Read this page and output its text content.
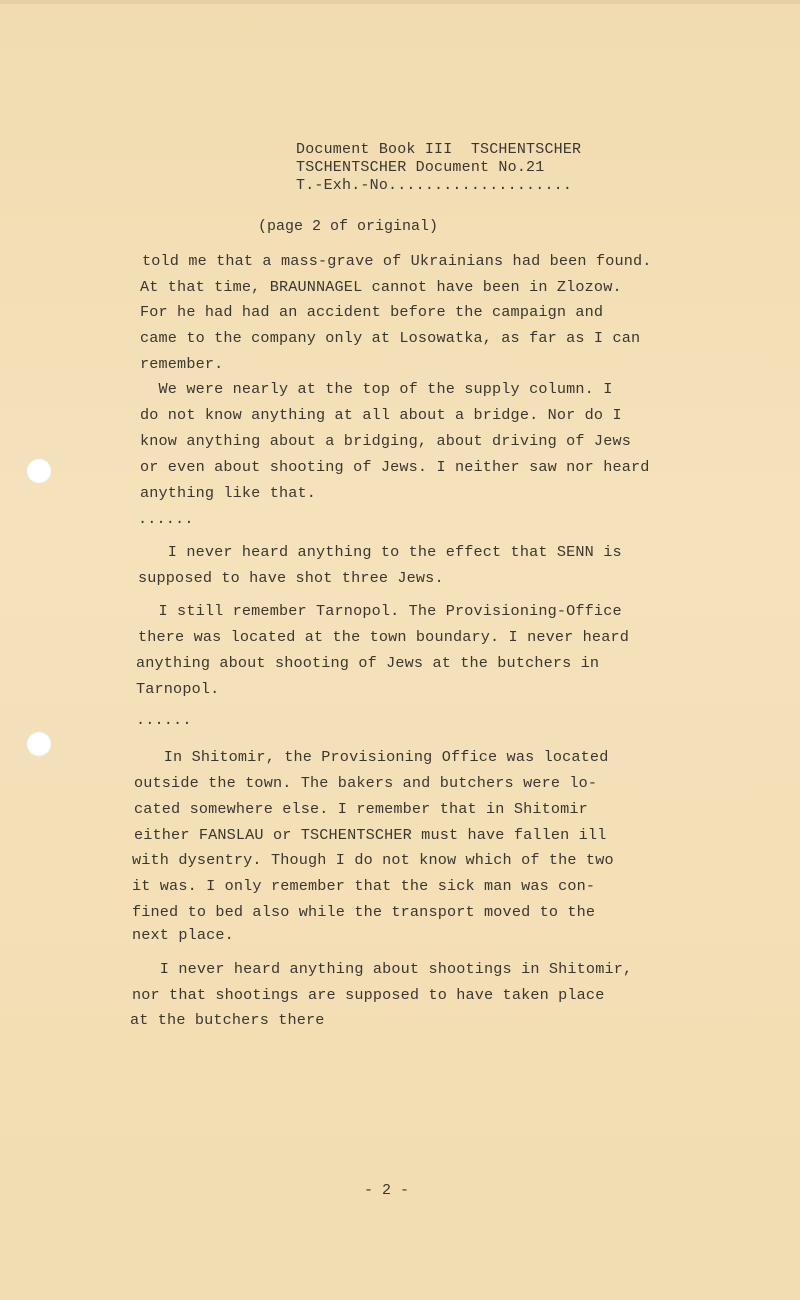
Document Book III  TSCHENTSCHER
TSCHENTSCHER Document No.21
T.-Exh.-No....................
(page 2 of original)
told me that a mass-grave of Ukrainians had been found.
At that time, BRAUNNAGEL cannot have been in Zlozow.
For he had had an accident before the campaign and
came to the company only at Losowatka, as far as I can
remember.
We were nearly at the top of the supply column. I
do not know anything at all about a bridge. Nor do I
know anything about a bridging, about driving of Jews
or even about shooting of Jews. I neither saw nor heard
anything like that.
......
I never heard anything to the effect that SENN is
supposed to have shot three Jews.
I still remember Tarnopol. The Provisioning-Office
there was located at the town boundary. I never heard
anything about shooting of Jews at the butchers in
Tarnopol.
......
In Shitomir, the Provisioning Office was located
outside the town. The bakers and butchers were lo-
cated somewhere else. I remember that in Shitomir
either FANSLAU or TSCHENTSCHER must have fallen ill
with dysentry. Though I do not know which of the two
it was. I only remember that the sick man was con-
fined to bed also while the transport moved to the
next place.
I never heard anything about shootings in Shitomir,
nor that shootings are supposed to have taken place
at the butchers there
- 2 -
